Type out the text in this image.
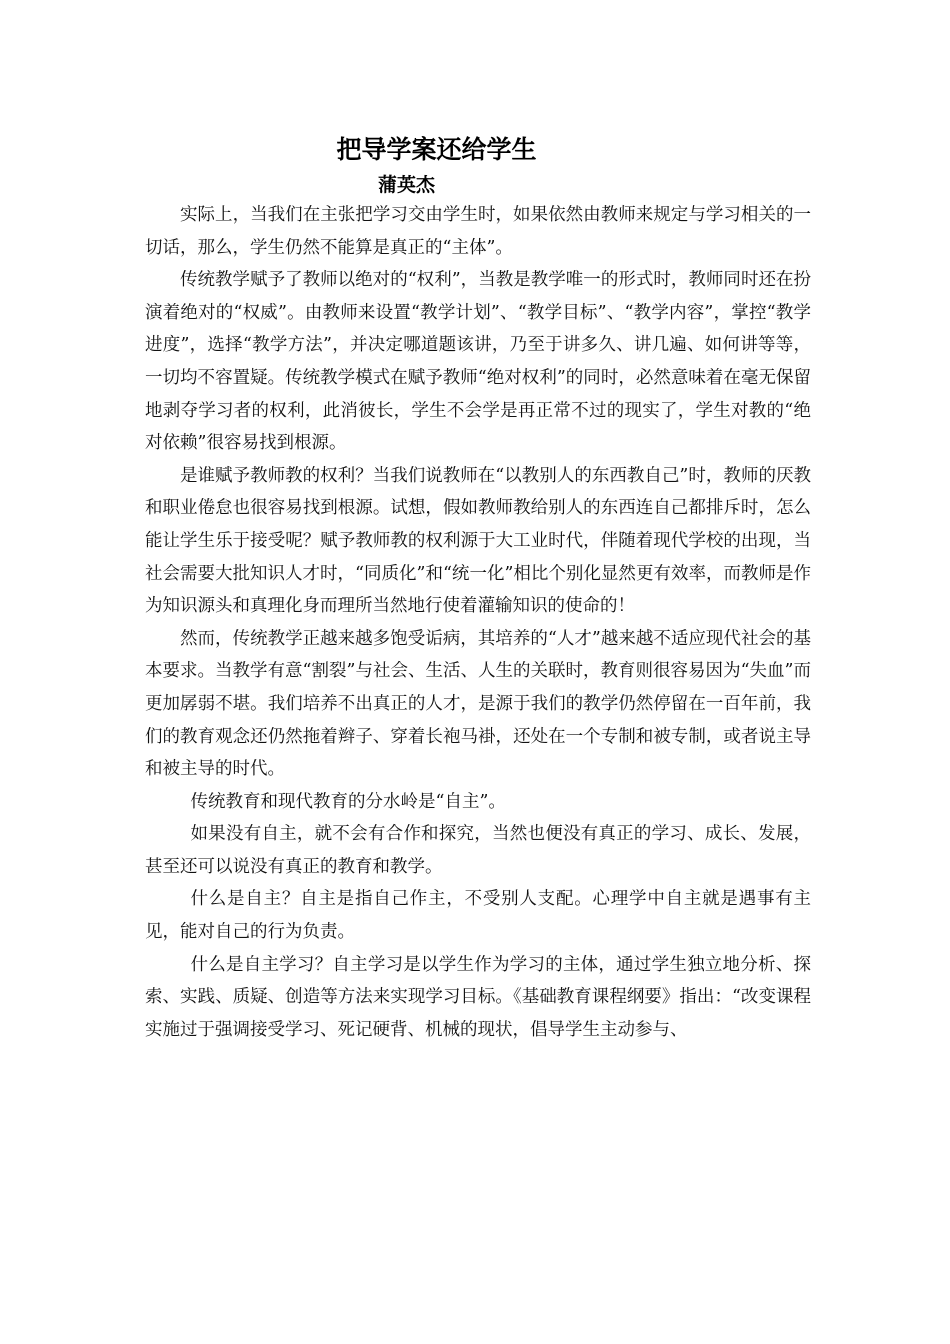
把导学案还给学生
蒲英杰

实际上，当我们在主张把学习交由学生时，如果依然由教师来规定与学习相关的一切话，那么，学生仍然不能算是真正的“主体”。

传统教学赋予了教师以绝对的“权利”，当教是教学唯一的形式时，教师同时还在扮演着绝对的“权威”。由教师来设置“教学计划”、“教学目标”、“教学内容”，掌控“教学进度”，选择“教学方法”，并决定哪道题该讲，乃至于讲多久、讲几遍、如何讲等等，一切均不容置疑。传统教学模式在赋予教师“绝对权利”的同时，必然意味着在毫无保留地剥夺学习者的权利，此消彼长，学生不会学是再正常不过的现实了，学生对教的“绝对依赖”很容易找到根源。

是谁赋予教师教的权利？当我们说教师在“以教别人的东西教自己”时，教师的厌教和职业倦怠也很容易找到根源。试想，假如教师教给别人的东西连自己都排斥时，怎么能让学生乐于接受呢？赋予教师教的权利源于大工业时代，伴随着现代学校的出现，当社会需要大批知识人才时，“同质化”和“统一化”相比个别化显然更有效率，而教师是作为知识源头和真理化身而理所当然地行使着灌输知识的使命的！

然而，传统教学正越来越多饱受诟病，其培养的“人才”越来越不适应现代社会的基本要求。当教学有意“割裂”与社会、生活、人生的关联时，教育则很容易因为“失血”而更加孱弱不堪。我们培养不出真正的人才，是源于我们的教学仍然停留在一百年前，我们的教育观念还仍然拖着辫子、穿着长袍马褂，还处在一个专制和被专制，或者说主导和被主导的时代。

传统教育和现代教育的分水岭是“自主”。

如果没有自主，就不会有合作和探究，当然也便没有真正的学习、成长、发展，甚至还可以说没有真正的教育和教学。

什么是自主？自主是指自己作主，不受别人支配。心理学中自主就是遇事有主见，能对自己的行为负责。

什么是自主学习？自主学习是以学生作为学习的主体，通过学生独立地分析、探索、实践、质疑、创造等方法来实现学习目标。《基础教育课程纲要》指出：“改变课程实施过于强调接受学习、死记硬背、机械的现状，倡导学生主动参与、
